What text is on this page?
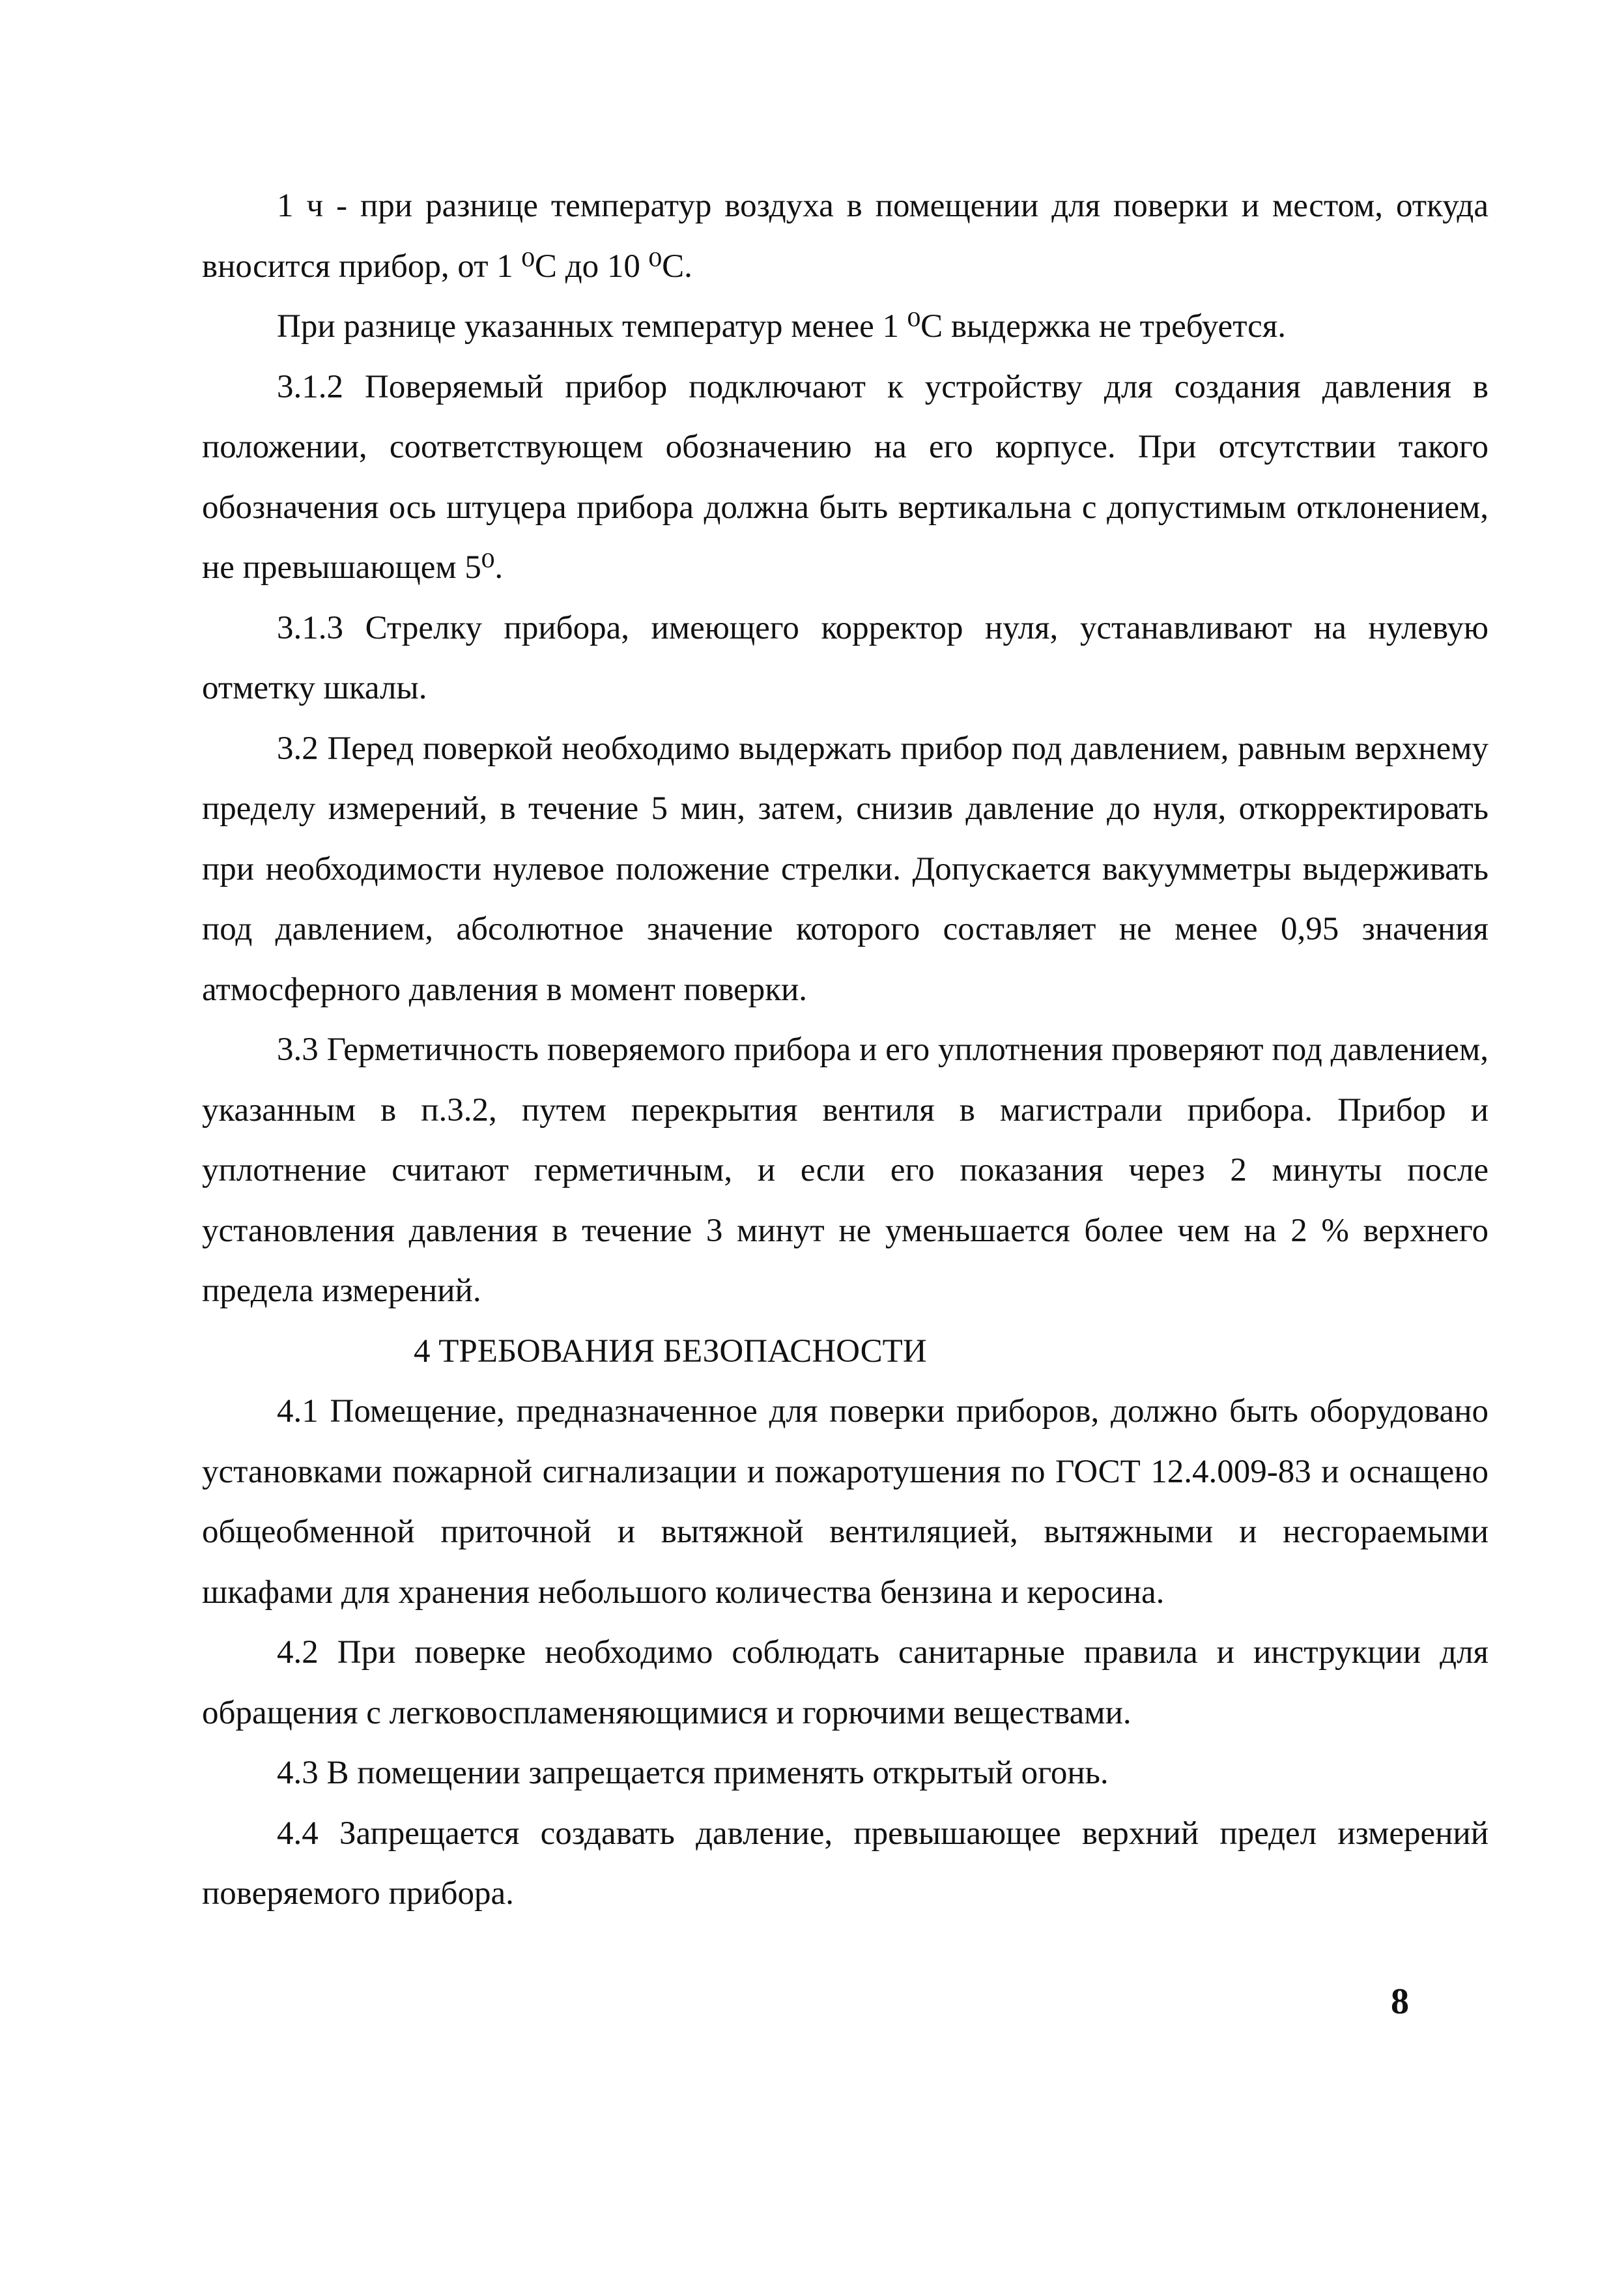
1 ч - при разнице температур воздуха в помещении для поверки и местом, откуда вносится прибор, от 1 ⁰С до 10 ⁰С.

При разнице указанных температур менее 1 ⁰С выдержка не требуется.

3.1.2 Поверяемый прибор подключают к устройству для создания давления в положении, соответствующем обозначению на его корпусе. При отсутствии такого обозначения ось штуцера прибора должна быть вертикальна с допустимым отклонением, не превышающем 5⁰.

3.1.3 Стрелку прибора, имеющего корректор нуля, устанавливают на нулевую отметку шкалы.

3.2 Перед поверкой необходимо выдержать прибор под давлением, равным верхнему пределу измерений, в течение 5 мин, затем, снизив давление до нуля, откорректировать при необходимости нулевое положение стрелки. Допускается вакуумметры выдерживать под давлением, абсолютное значение которого составляет не менее 0,95 значения атмосферного давления в момент поверки.

3.3 Герметичность поверяемого прибора и его уплотнения проверяют под давлением, указанным в п.3.2, путем перекрытия вентиля в магистрали прибора. Прибор и уплотнение считают герметичным, и если его показания через 2 минуты после установления давления в течение 3 минут не уменьшается более чем на 2 % верхнего предела измерений.

4 ТРЕБОВАНИЯ БЕЗОПАСНОСТИ

4.1 Помещение, предназначенное для поверки приборов, должно быть оборудовано установками пожарной сигнализации и пожаротушения по ГОСТ 12.4.009-83 и оснащено общеобменной приточной и вытяжной вентиляцией, вытяжными и несгораемыми шкафами для хранения небольшого количества бензина и керосина.

4.2 При поверке необходимо соблюдать санитарные правила и инструкции для обращения с легковоспламеняющимися и горючими веществами.

4.3 В помещении запрещается применять открытый огонь.

4.4 Запрещается создавать давление, превышающее верхний предел измерений поверяемого прибора.

8
